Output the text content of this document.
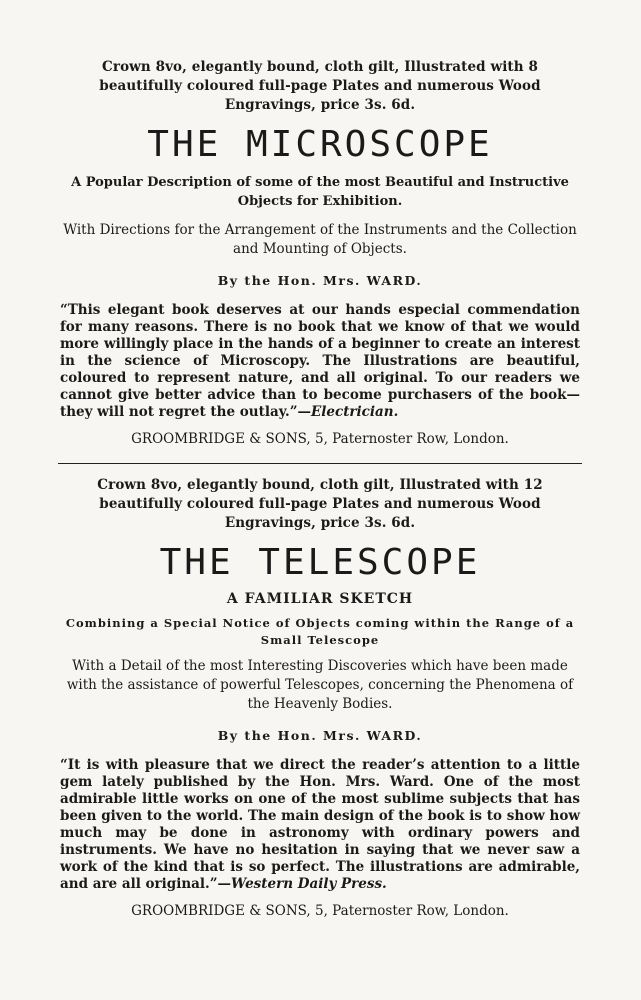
Crown 8vo, elegantly bound, cloth gilt, Illustrated with 8 beautifully coloured full-page Plates and numerous Wood Engravings, price 3s. 6d.
THE MICROSCOPE
A Popular Description of some of the most Beautiful and Instructive Objects for Exhibition.
With Directions for the Arrangement of the Instruments and the Collection and Mounting of Objects.
By the Hon. Mrs. WARD.
“This elegant book deserves at our hands especial commendation for many reasons. There is no book that we know of that we would more willingly place in the hands of a beginner to create an interest in the science of Microscopy. The Illustrations are beautiful, coloured to represent nature, and all original. To our readers we cannot give better advice than to become purchasers of the book—they will not regret the outlay.”—Electrician.
GROOMBRIDGE & SONS, 5, Paternoster Row, London.
Crown 8vo, elegantly bound, cloth gilt, Illustrated with 12 beautifully coloured full-page Plates and numerous Wood Engravings, price 3s. 6d.
THE TELESCOPE
A FAMILIAR SKETCH
Combining a Special Notice of Objects coming within the Range of a Small Telescope
With a Detail of the most Interesting Discoveries which have been made with the assistance of powerful Telescopes, concerning the Phenomena of the Heavenly Bodies.
By the Hon. Mrs. WARD.
“It is with pleasure that we direct the reader’s attention to a little gem lately published by the Hon. Mrs. Ward. One of the most admirable little works on one of the most sublime subjects that has been given to the world. The main design of the book is to show how much may be done in astronomy with ordinary powers and instruments. We have no hesitation in saying that we never saw a work of the kind that is so perfect. The illustrations are admirable, and are all original.”—Western Daily Press.
GROOMBRIDGE & SONS, 5, Paternoster Row, London.
